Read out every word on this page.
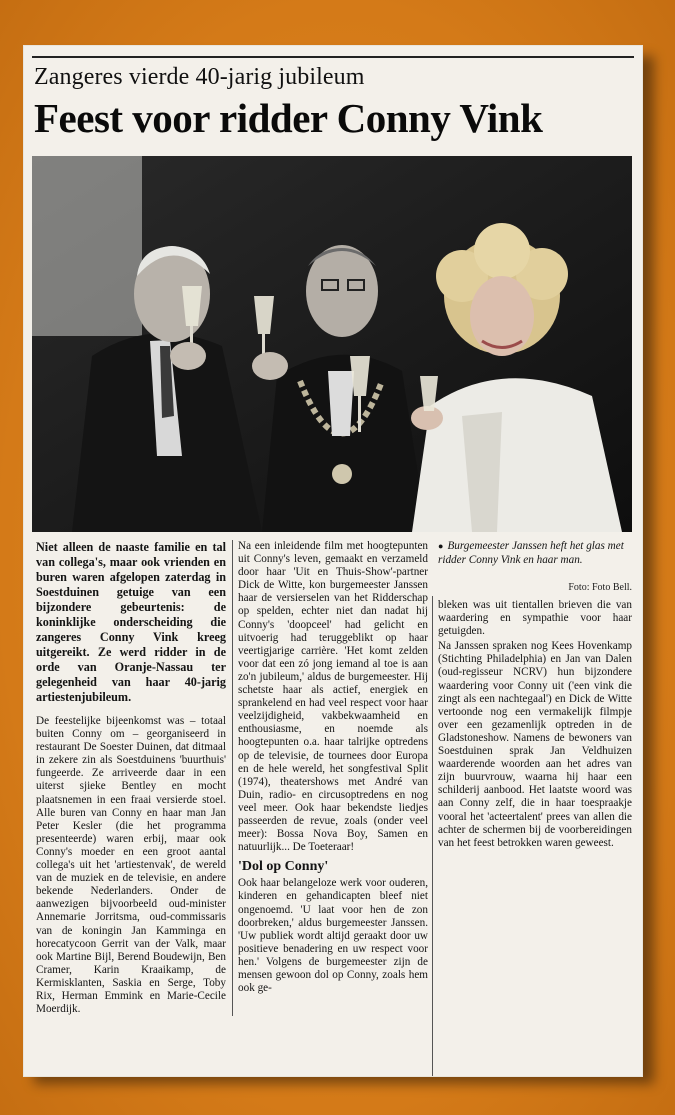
Zangeres vierde 40-jarig jubileum
Feest voor ridder Conny Vink

Niet alleen de naaste familie en tal van collega's, maar ook vrienden en buren waren afgelopen zaterdag in Soestduinen getuige van een bijzondere gebeurtenis: de koninklijke onderscheiding die zangeres Conny Vink kreeg uitgereikt. Ze werd ridder in de orde van Oranje-Nassau ter gelegenheid van haar 40-jarig artiestenjubileum.

De feestelijke bijeenkomst was – totaal buiten Conny om – georganiseerd in restaurant De Soester Duinen, dat ditmaal in zekere zin als Soestduinens 'buurthuis' fungeerde. Ze arriveerde daar in een uiterst sjieke Bentley en mocht plaatsnemen in een fraai versierde stoel. Alle buren van Conny en haar man Jan Peter Kesler (die het programma presenteerde) waren erbij, maar ook Conny's moeder en een groot aantal collega's uit het 'artiestenvak', de wereld van de muziek en de televisie, en andere bekende Nederlanders. Onder de aanwezigen bijvoorbeeld oud-minister Annemarie Jorritsma, oud-commissaris van de koningin Jan Kamminga en horecatycoon Gerrit van der Valk, maar ook Martine Bijl, Berend Boudewijn, Ben Cramer, Karin Kraaikamp, de Kermisklanten, Saskia en Serge, Toby Rix, Herman Emmink en Marie-Cecile Moerdijk.

Na een inleidende film met hoogtepunten uit Conny's leven, gemaakt en verzameld door haar 'Uit en Thuis-Show'-partner Dick de Witte, kon burgemeester Janssen haar de versierselen van het Ridderschap op spelden, echter niet dan nadat hij Conny's 'doopceel' had gelicht en uitvoerig had teruggeblikt op haar veertigjarige carrière. 'Het komt zelden voor dat een zó jong iemand al toe is aan zo'n jubileum,' aldus de burgemeester. Hij schetste haar als actief, energiek en sprankelend en had veel respect voor haar veelzijdigheid, vakbekwaamheid en enthousiasme, en noemde als hoogtepunten o.a. haar talrijke optredens op de televisie, de tournees door Europa en de hele wereld, het songfestival Split (1974), theatershows met André van Duin, radio- en circusoptredens en nog veel meer. Ook haar bekendste liedjes passeerden de revue, zoals (onder veel meer): Bossa Nova Boy, Samen en natuurlijk... De Toeteraar!

'Dol op Conny'

Ook haar belangeloze werk voor ouderen, kinderen en gehandicapten bleef niet ongenoemd. 'U laat voor hen de zon doorbreken,' aldus burgemeester Janssen. 'Uw publiek wordt altijd geraakt door uw positieve benadering en uw respect voor hen.' Volgens de burgemeester zijn de mensen gewoon dol op Conny, zoals hem ook ge-

● Burgemeester Janssen heft het glas met ridder Conny Vink en haar man.
Foto: Foto Bell.

bleken was uit tientallen brieven die van waardering en sympathie voor haar getuigden.

Na Janssen spraken nog Kees Hovenkamp (Stichting Philadelphia) en Jan van Dalen (oud-regisseur NCRV) hun bijzondere waardering voor Conny uit ('een vink die zingt als een nachtegaal') en Dick de Witte vertoonde nog een vermakelijk filmpje over een gezamenlijk optreden in de Gladstoneshow. Namens de bewoners van Soestduinen sprak Jan Veldhuizen waarderende woorden aan het adres van zijn buurvrouw, waarna hij haar een schilderij aanbood. Het laatste woord was aan Conny zelf, die in haar toespraakje vooral het 'acteertalent' prees van allen die achter de schermen bij de voorbereidingen van het feest betrokken waren geweest.
